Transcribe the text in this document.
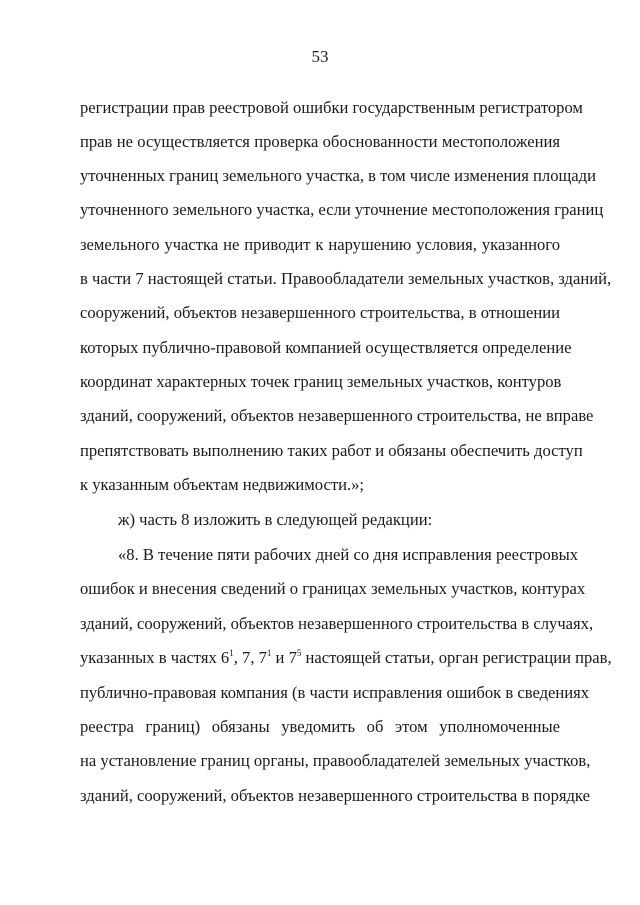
53
регистрации прав реестровой ошибки государственным регистратором
прав не осуществляется проверка обоснованности местоположения
уточненных границ земельного участка, в том числе изменения площади
уточненного земельного участка, если уточнение местоположения границ
земельного участка не приводит к нарушению условия, указанного
в части 7 настоящей статьи. Правообладатели земельных участков, зданий,
сооружений, объектов незавершенного строительства, в отношении
которых публично-правовой компанией осуществляется определение
координат характерных точек границ земельных участков, контуров
зданий, сооружений, объектов незавершенного строительства, не вправе
препятствовать выполнению таких работ и обязаны обеспечить доступ
к указанным объектам недвижимости.»;
ж) часть 8 изложить в следующей редакции:
«8. В течение пяти рабочих дней со дня исправления реестровых
ошибок и внесения сведений о границах земельных участков, контурах
зданий, сооружений, объектов незавершенного строительства в случаях,
указанных в частях $6^1$, 7, $7^1$ и $7^5$ настоящей статьи, орган регистрации прав,
публично-правовая компания (в части исправления ошибок в сведениях
реестра границ) обязаны уведомить об этом уполномоченные
на установление границ органы, правообладателей земельных участков,
зданий, сооружений, объектов незавершенного строительства в порядке
